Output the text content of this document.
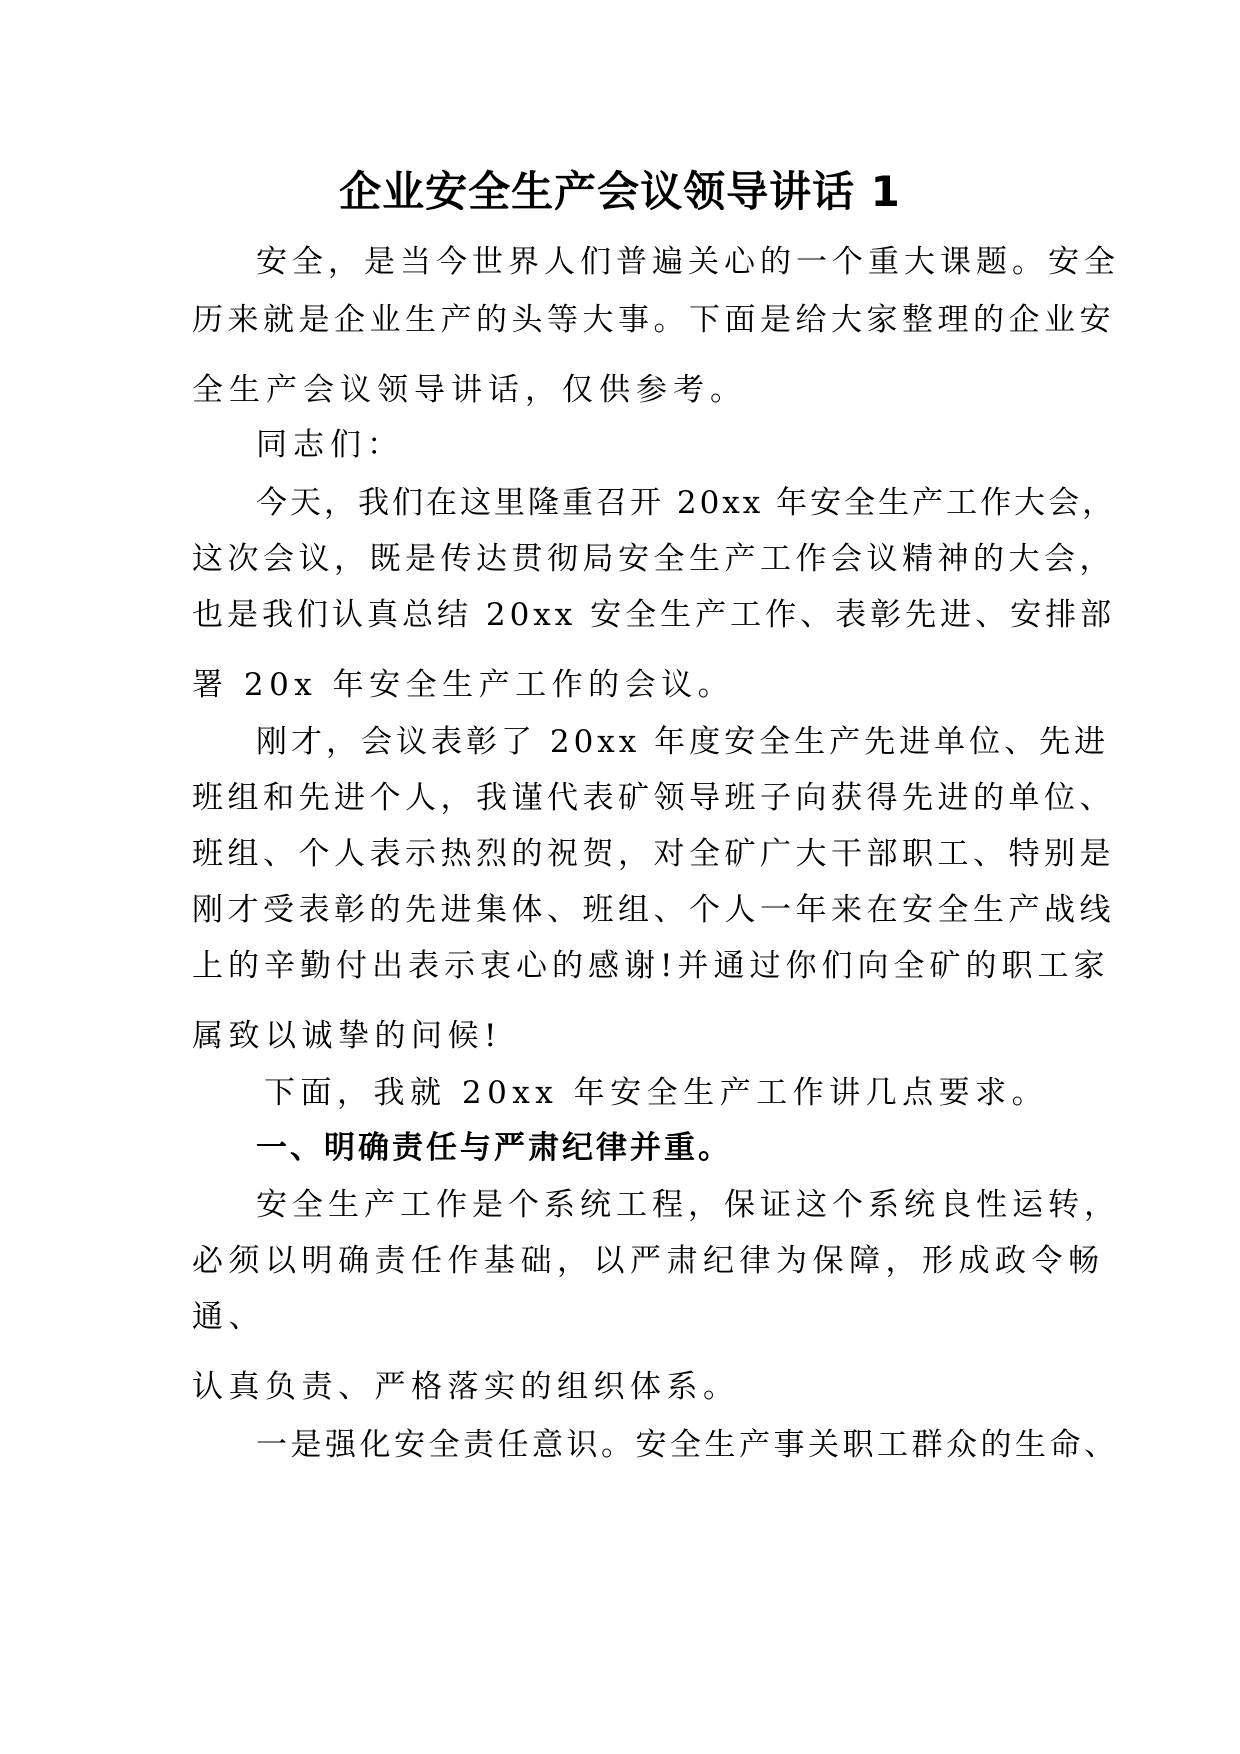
企业安全生产会议领导讲话 1
安全，是当今世界人们普遍关心的一个重大课题。安全
历来就是企业生产的头等大事。下面是给大家整理的企业安
全生产会议领导讲话，仅供参考。
同志们：
今天，我们在这里隆重召开 20xx 年安全生产工作大会，
这次会议，既是传达贯彻局安全生产工作会议精神的大会，
也是我们认真总结 20xx 安全生产工作、表彰先进、安排部
署 20x 年安全生产工作的会议。
刚才，会议表彰了 20xx 年度安全生产先进单位、先进
班组和先进个人，我谨代表矿领导班子向获得先进的单位、
班组、个人表示热烈的祝贺，对全矿广大干部职工、特别是
刚才受表彰的先进集体、班组、个人一年来在安全生产战线
上的辛勤付出表示衷心的感谢!并通过你们向全矿的职工家
属致以诚挚的问候!
下面，我就 20xx 年安全生产工作讲几点要求。
一、明确责任与严肃纪律并重。
安全生产工作是个系统工程，保证这个系统良性运转，
必须以明确责任作基础，以严肃纪律为保障，形成政令畅
通、
认真负责、严格落实的组织体系。
一是强化安全责任意识。安全生产事关职工群众的生命、
